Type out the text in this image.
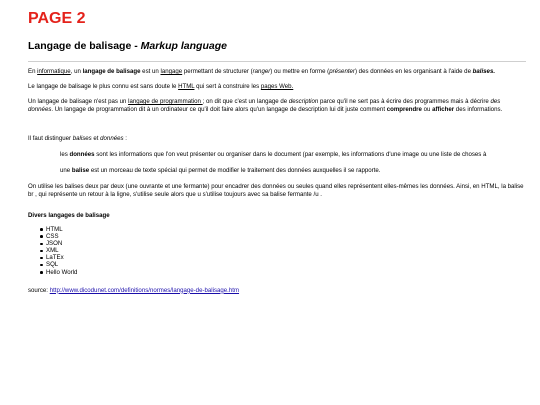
PAGE 2
Langage de balisage - Markup language

En informatique, un langage de balisage est un langage permettant de structurer (ranger) ou mettre en forme (présenter) des données en les organisant à l'aide de balises.

Le langage de balisage le plus connu est sans doute le HTML qui sert à construire les pages Web.

Un langage de balisage n'est pas un langage de programmation ; on dit que c'est un langage de description parce qu'il ne sert pas à écrire des programmes mais à décrire des données. Un langage de programmation dit à un ordinateur ce qu'il doit faire alors qu'un langage de description lui dit juste comment comprendre ou afficher des informations.

Il faut distinguer balises et données :

les données sont les informations que l'on veut présenter ou organiser dans le document (par exemple, les informations d'une image ou une liste de choses à

une balise est un morceau de texte spécial qui permet de modifier le traitement des données auxquelles il se rapporte.

On utilise les balises deux par deux (une ouvrante et une fermante) pour encadrer des données ou seules quand elles représentent elles-mêmes les données. Ainsi, en HTML, la balise br , qui représente un retour à la ligne, s'utilise seule alors que u s'utilise toujours avec sa balise fermante /u .

Divers langages de balisage
HTML
CSS
JSON
XML
LaTEx
SQL
Hello World

source: http://www.dicodunet.com/definitions/normes/langage-de-balisage.htm
